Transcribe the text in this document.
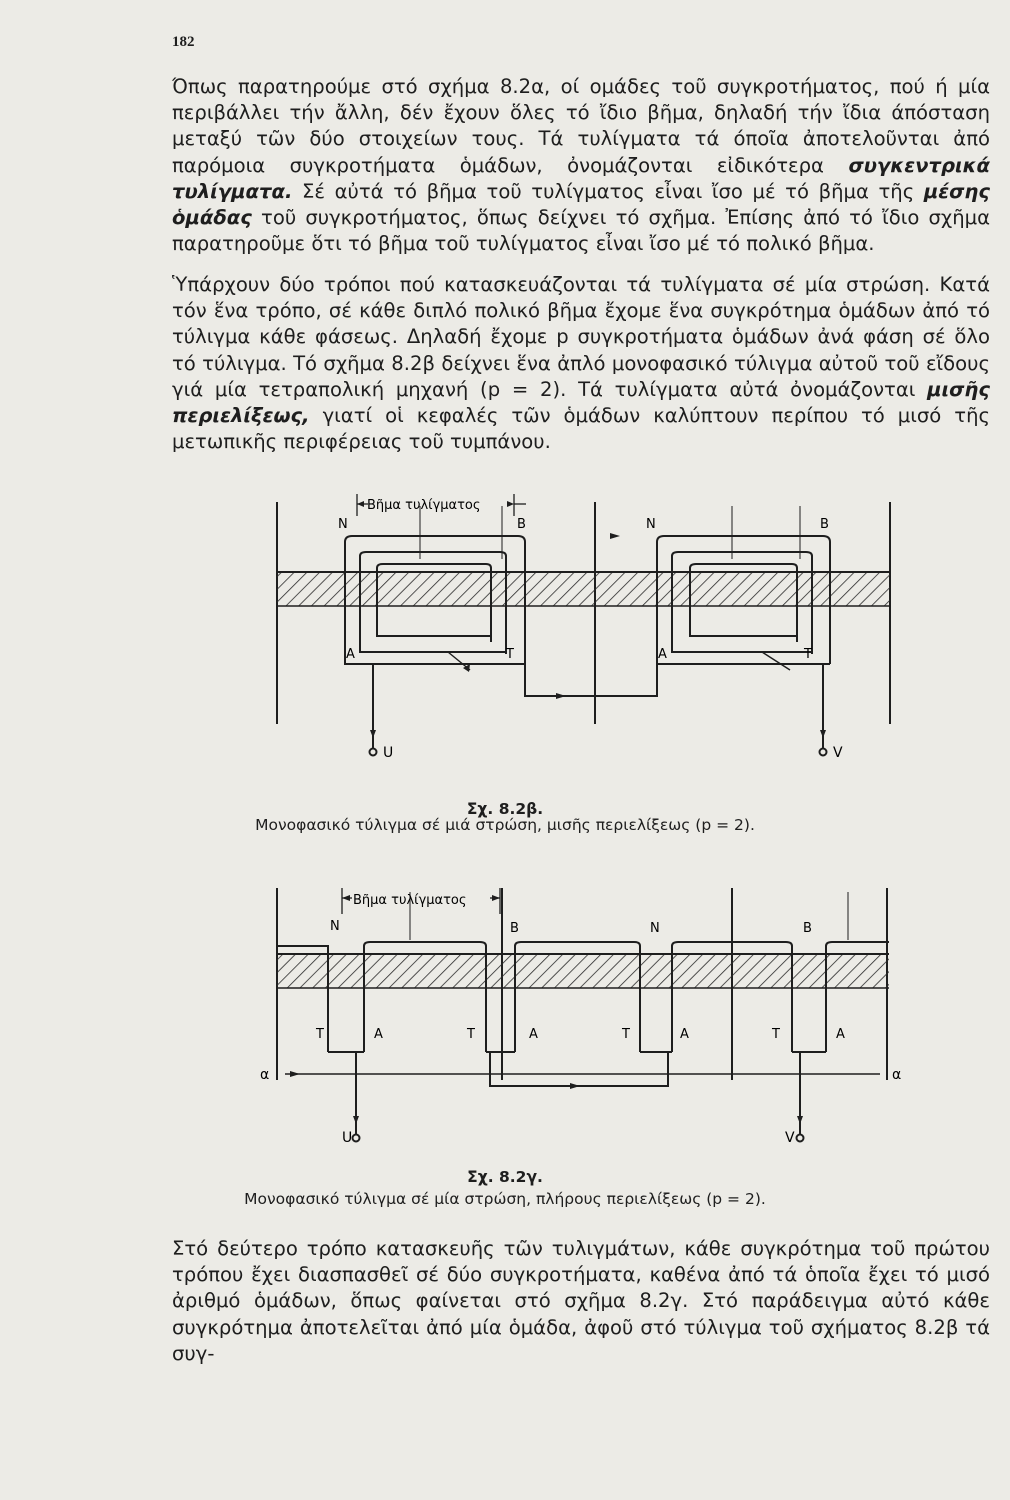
182

Όπως παρατηρούμε στό σχήμα 8.2α, οί ομάδες τοῦ συγκροτήματος, πού ή μία περιβάλλει τήν ἄλλη, δέν ἔχουν ὅλες τό ἴδιο βῆμα, δηλαδή τήν ἴδια άπόσταση μεταξύ τῶν δύο στοιχείων τους. Τά τυλίγματα τά όποῖα ἀποτελοῦνται ἀπό παρόμοια συγκροτήματα ὁμάδων, ὀνομάζονται εἰδικότερα συγκεντρικά τυλίγματα. Σέ αὐτά τό βῆμα τοῦ τυλίγματος εἶναι ἴσο μέ τό βῆμα τῆς μέσης ὁμάδας τοῦ συγκροτήματος, ὅπως δείχνει τό σχῆμα. Ἐπίσης ἀπό τό ἴδιο σχῆμα παρατηροῦμε ὅτι τό βῆμα τοῦ τυλίγματος εἶναι ἴσο μέ τό πολικό βῆμα.

Ὑπάρχουν δύο τρόποι πού κατασκευάζονται τά τυλίγματα σέ μία στρώση. Κατά τόν ἕνα τρόπο, σέ κάθε διπλό πολικό βῆμα ἔχομε ἕνα συγκρότημα ὁμάδων ἀπό τό τύλιγμα κάθε φάσεως. Δηλαδή ἔχομε p συγκροτήματα ὁμάδων ἀνά φάση σέ ὅλο τό τύλιγμα. Τό σχῆμα 8.2β δείχνει ἕνα ἀπλό μονοφασικό τύλιγμα αὐτοῦ τοῦ εἴδους γιά μία τετραπολική μηχανή (p = 2). Τά τυλίγματα αὐτά ὀνομάζονται μισῆς περιελίξεως, γιατί οἱ κεφαλές τῶν ὁμάδων καλύπτουν περίπου τό μισό τῆς μετωπικῆς περιφέρειας τοῦ τυμπάνου.

Βῆμα τυλίγματος
N	B	N	B
A	T	A	T
U	V
Σχ. 8.2β.
Μονοφασικό τύλιγμα σέ μιά στρώση, μισῆς περιελίξεως (p = 2).
Βῆμα τυλίγματος
N	B	N	B
T	A	T	A	T	A	T	A
α	α
U	V
Σχ. 8.2γ.
Μονοφασικό τύλιγμα σέ μία στρώση, πλήρους περιελίξεως (p = 2).

Στό δεύτερο τρόπο κατασκευῆς τῶν τυλιγμάτων, κάθε συγκρότημα τοῦ πρώτου τρόπου ἔχει διασπασθεῖ σέ δύο συγκροτήματα, καθένα ἀπό τά ὁποῖα ἔχει τό μισό ἀριθμό ὁμάδων, ὅπως φαίνεται στό σχῆμα 8.2γ. Στό παράδειγμα αὐτό κάθε συγκρότημα ἀποτελεῖται ἀπό μία ὁμάδα, ἀφοῦ στό τύλιγμα τοῦ σχήματος 8.2β τά συγ-
